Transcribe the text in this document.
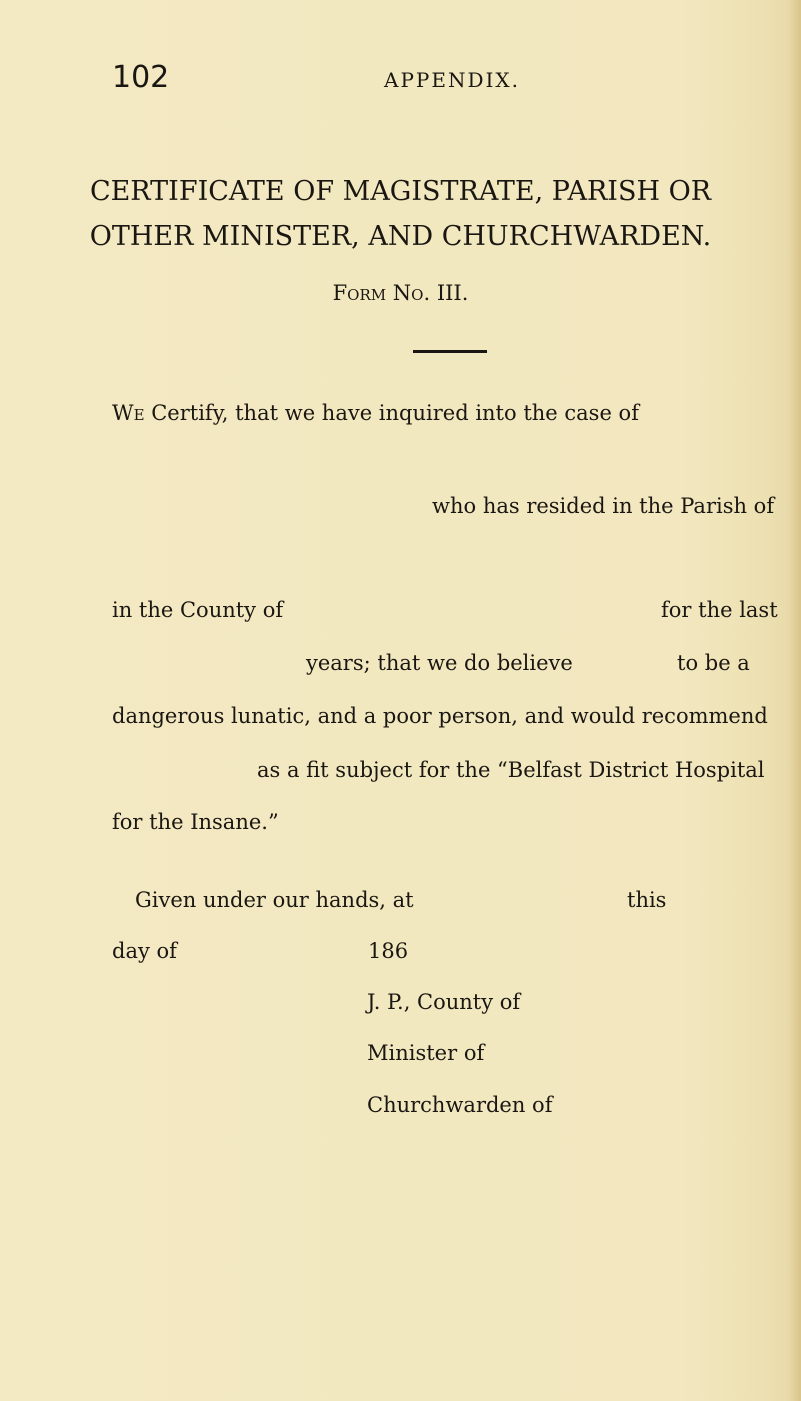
102	APPENDIX.
CERTIFICATE OF MAGISTRATE, PARISH OR
OTHER MINISTER, AND CHURCHWARDEN.
Form No. III.
We Certify, that we have inquired into the case of
who has resided in the Parish of
in the County of	for the last
years; that we do believe	to be a
dangerous lunatic, and a poor person, and would recommend
as a fit subject for the “Belfast District Hospital
for the Insane.”
Given under our hands, at	this
day of	186
J. P., County of
Minister of
Churchwarden of
